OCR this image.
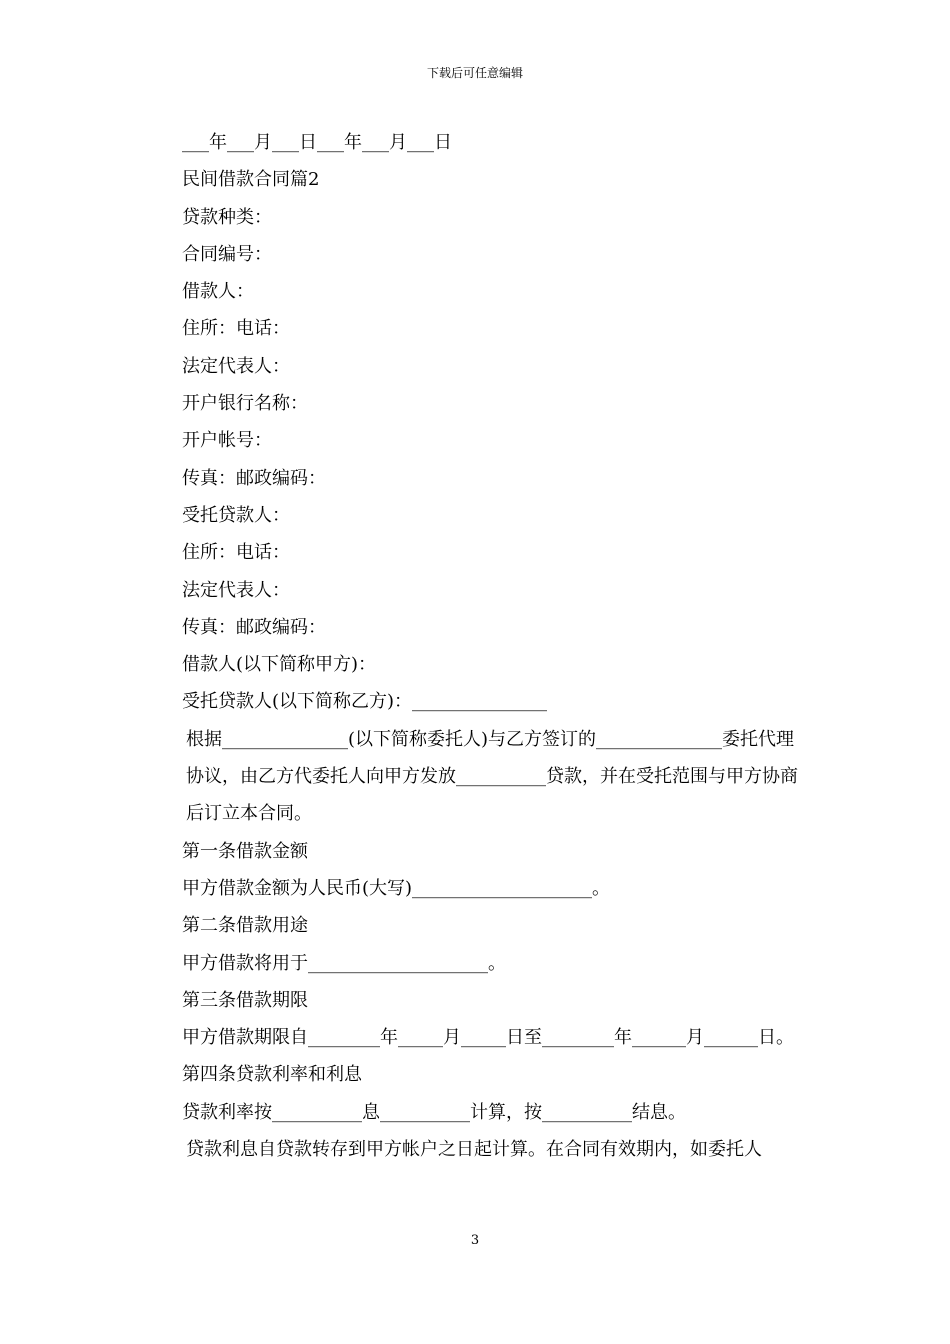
下载后可任意编辑

___年___月___日___年___月___日

民间借款合同篇2

贷款种类：

合同编号：

借款人：

住所：电话：

法定代表人：

开户银行名称：

开户帐号：

传真：邮政编码：

受托贷款人：

住所：电话：

法定代表人：

传真：邮政编码：

借款人(以下简称甲方)：

受托贷款人(以下简称乙方)：_______________

根据______________(以下简称委托人)与乙方签订的______________委托代理协议，由乙方代委托人向甲方发放__________贷款，并在受托范围与甲方协商后订立本合同。

第一条借款金额

甲方借款金额为人民币(大写)____________________。

第二条借款用途

甲方借款将用于____________________。

第三条借款期限

甲方借款期限自________年_____月_____日至________年______月______日。

第四条贷款利率和利息

贷款利率按__________息__________计算，按__________结息。

贷款利息自贷款转存到甲方帐户之日起计算。在合同有效期内，如委托人

3
